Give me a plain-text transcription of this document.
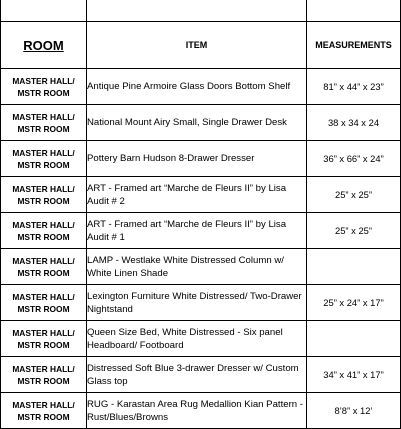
ROOM	ITEM	MEASUREMENTS
MASTER HALL/ MSTR ROOM	Antique Pine Armoire Glass Doors Bottom Shelf	81” x 44” x 23”
MASTER HALL/ MSTR ROOM	National Mount Airy Small, Single Drawer Desk	38 x 34 x 24
MASTER HALL/ MSTR ROOM	Pottery Barn Hudson 8-Drawer Dresser	36” x 66” x 24”
MASTER HALL/ MSTR ROOM	ART - Framed art “Marche de Fleurs II” by Lisa Audit # 2	25” x 25”
MASTER HALL/ MSTR ROOM	ART - Framed art “Marche de Fleurs II” by Lisa Audit # 1	25” x 25”
MASTER HALL/ MSTR ROOM	LAMP - Westlake White Distressed Column w/ White Linen Shade	
MASTER HALL/ MSTR ROOM	Lexington Furniture White Distressed/ Two-Drawer Nightstand	25” x 24” x 17”
MASTER HALL/ MSTR ROOM	Queen Size Bed, White Distressed - Six panel Headboard/ Footboard	
MASTER HALL/ MSTR ROOM	Distressed Soft Blue 3-drawer Dresser w/ Custom Glass top	34” x 41” x 17”
MASTER HALL/ MSTR ROOM	RUG - Karastan Area Rug Medallion Kian Pattern - Rust/Blues/Browns	8’8” x 12’
